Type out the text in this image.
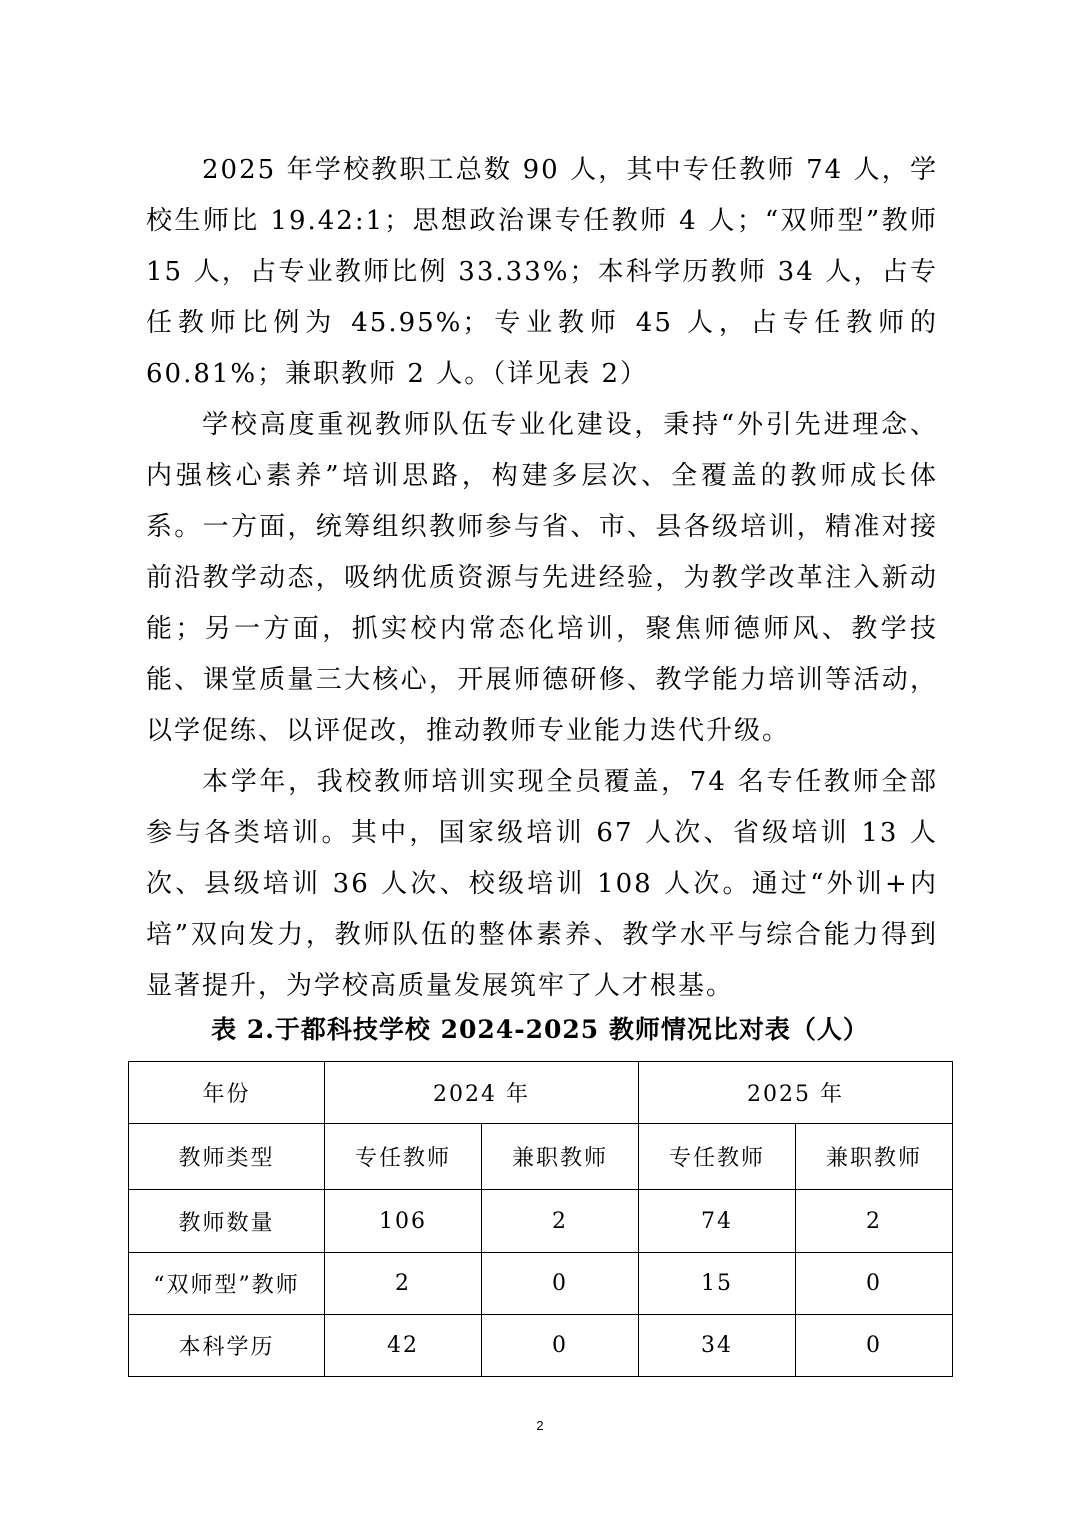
2025 年学校教职工总数 90 人，其中专任教师 74 人，学校生师比 19.42:1；思想政治课专任教师 4 人；“双师型”教师 15 人，占专业教师比例 33.33%；本科学历教师 34 人，占专任教师比例为 45.95%；专业教师 45 人，占专任教师的 60.81%；兼职教师 2 人。（详见表 2）

学校高度重视教师队伍专业化建设，秉持“外引先进理念、内强核心素养”培训思路，构建多层次、全覆盖的教师成长体系。一方面，统筹组织教师参与省、市、县各级培训，精准对接前沿教学动态，吸纳优质资源与先进经验，为教学改革注入新动能；另一方面，抓实校内常态化培训，聚焦师德师风、教学技能、课堂质量三大核心，开展师德研修、教学能力培训等活动，以学促练、以评促改，推动教师专业能力迭代升级。

本学年，我校教师培训实现全员覆盖，74 名专任教师全部参与各类培训。其中，国家级培训 67 人次、省级培训 13 人次、县级培训 36 人次、校级培训 108 人次。通过“外训+内培”双向发力，教师队伍的整体素养、教学水平与综合能力得到显著提升，为学校高质量发展筑牢了人才根基。

表 2.于都科技学校 2024-2025 教师情况比对表（人）
年份	2024 年		2025 年	
教师类型	专任教师	兼职教师	专任教师	兼职教师
教师数量	106	2	74	2
“双师型”教师	2	0	15	0
本科学历	42	0	34	0
2
